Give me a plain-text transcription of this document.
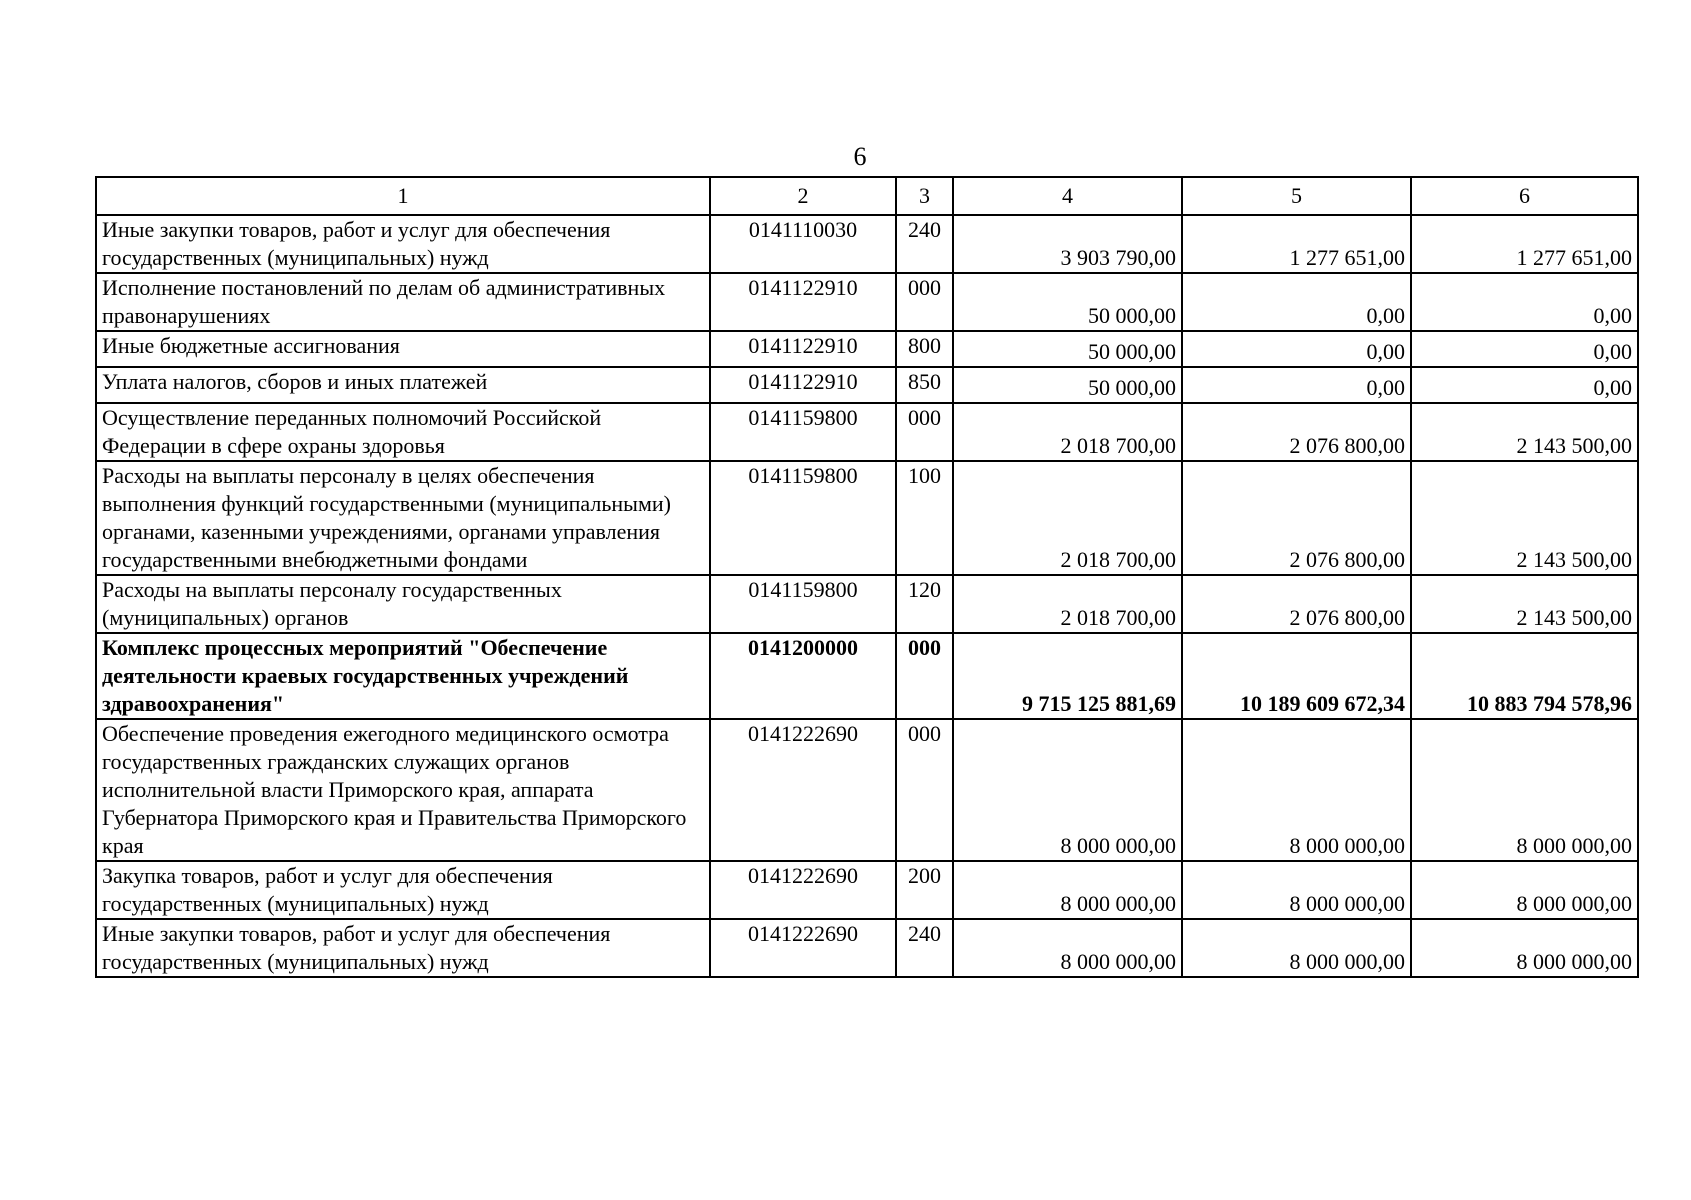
6
1	2	3	4	5	6
Иные закупки товаров, работ и услуг для обеспечения государственных (муниципальных) нужд	0141110030	240	3 903 790,00	1 277 651,00	1 277 651,00
Исполнение постановлений по делам об административных правонарушениях	0141122910	000	50 000,00	0,00	0,00
Иные бюджетные ассигнования	0141122910	800	50 000,00	0,00	0,00
Уплата налогов, сборов и иных платежей	0141122910	850	50 000,00	0,00	0,00
Осуществление переданных полномочий Российской Федерации в сфере охраны здоровья	0141159800	000	2 018 700,00	2 076 800,00	2 143 500,00
Расходы на выплаты персоналу в целях обеспечения выполнения функций государственными (муниципальными) органами, казенными учреждениями, органами управления государственными внебюджетными фондами	0141159800	100	2 018 700,00	2 076 800,00	2 143 500,00
Расходы на выплаты персоналу государственных (муниципальных) органов	0141159800	120	2 018 700,00	2 076 800,00	2 143 500,00
Комплекс процессных мероприятий "Обеспечение деятельности краевых государственных учреждений здравоохранения"	0141200000	000	9 715 125 881,69	10 189 609 672,34	10 883 794 578,96
Обеспечение проведения ежегодного медицинского осмотра государственных гражданских служащих органов исполнительной власти Приморского края, аппарата Губернатора Приморского края и Правительства Приморского края	0141222690	000	8 000 000,00	8 000 000,00	8 000 000,00
Закупка товаров, работ и услуг для обеспечения государственных (муниципальных) нужд	0141222690	200	8 000 000,00	8 000 000,00	8 000 000,00
Иные закупки товаров, работ и услуг для обеспечения государственных (муниципальных) нужд	0141222690	240	8 000 000,00	8 000 000,00	8 000 000,00
